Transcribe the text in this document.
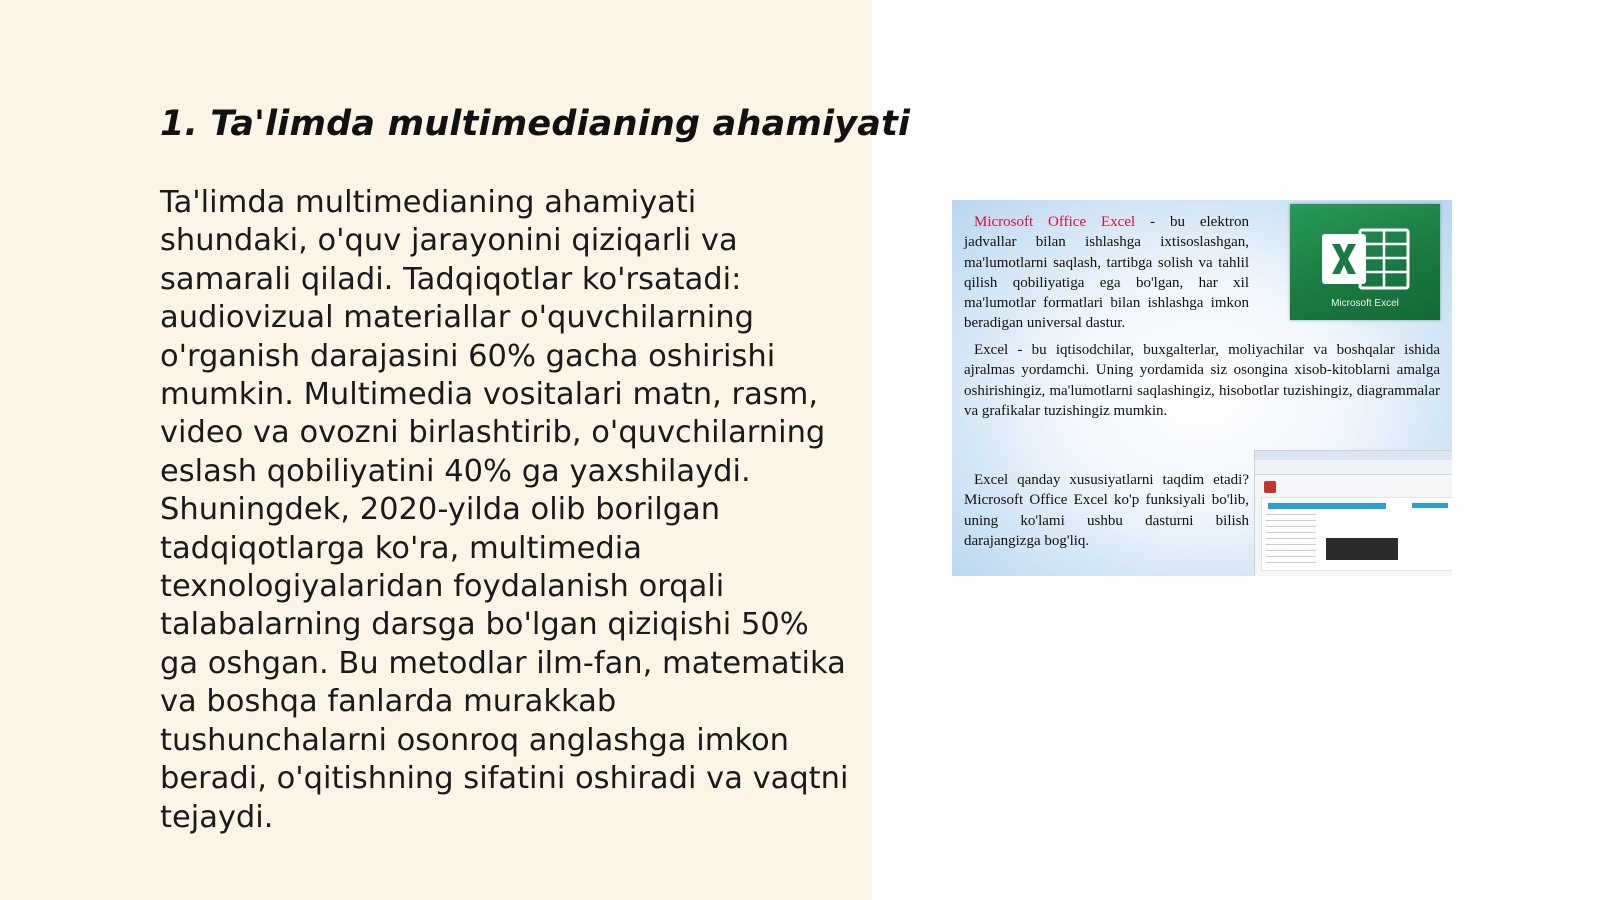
1. Ta'limda multimedianing ahamiyati

Ta'limda multimedianing ahamiyati shundaki, o'quv jarayonini qiziqarli va samarali qiladi. Tadqiqotlar ko'rsatadi: audiovizual materiallar o'quvchilarning o'rganish darajasini 60% gacha oshirishi mumkin. Multimedia vositalari matn, rasm, video va ovozni birlashtirib, o'quvchilarning eslash qobiliyatini 40% ga yaxshilaydi. Shuningdek, 2020-yilda olib borilgan tadqiqotlarga ko'ra, multimedia texnologiyalaridan foydalanish orqali talabalarning darsga bo'lgan qiziqishi 50% ga oshgan. Bu metodlar ilm-fan, matematika va boshqa fanlarda murakkab tushunchalarni osonroq anglashga imkon beradi, o'qitishning sifatini oshiradi va vaqtni tejaydi.

Microsoft Office Excel - bu elektron jadvallar bilan ishlashga ixtisoslashgan, ma'lumotlarni saqlash, tartibga solish va tahlil qilish qobiliyatiga ega bo'lgan, har xil ma'lumotlar formatlari bilan ishlashga imkon beradigan universal dastur.

Microsoft Excel

Excel - bu iqtisodchilar, buxgalterlar, moliyachilar va boshqalar ishida ajralmas yordamchi. Uning yordamida siz osongina xisob-kitoblarni amalga oshirishingiz, ma'lumotlarni saqlashingiz, hisobotlar tuzishingiz, diagrammalar va grafikalar tuzishingiz mumkin.

Excel qanday xususiyatlarni taqdim etadi? Microsoft Office Excel ko'p funksiyali bo'lib, uning ko'lami ushbu dasturni bilish darajangizga bog'liq.
